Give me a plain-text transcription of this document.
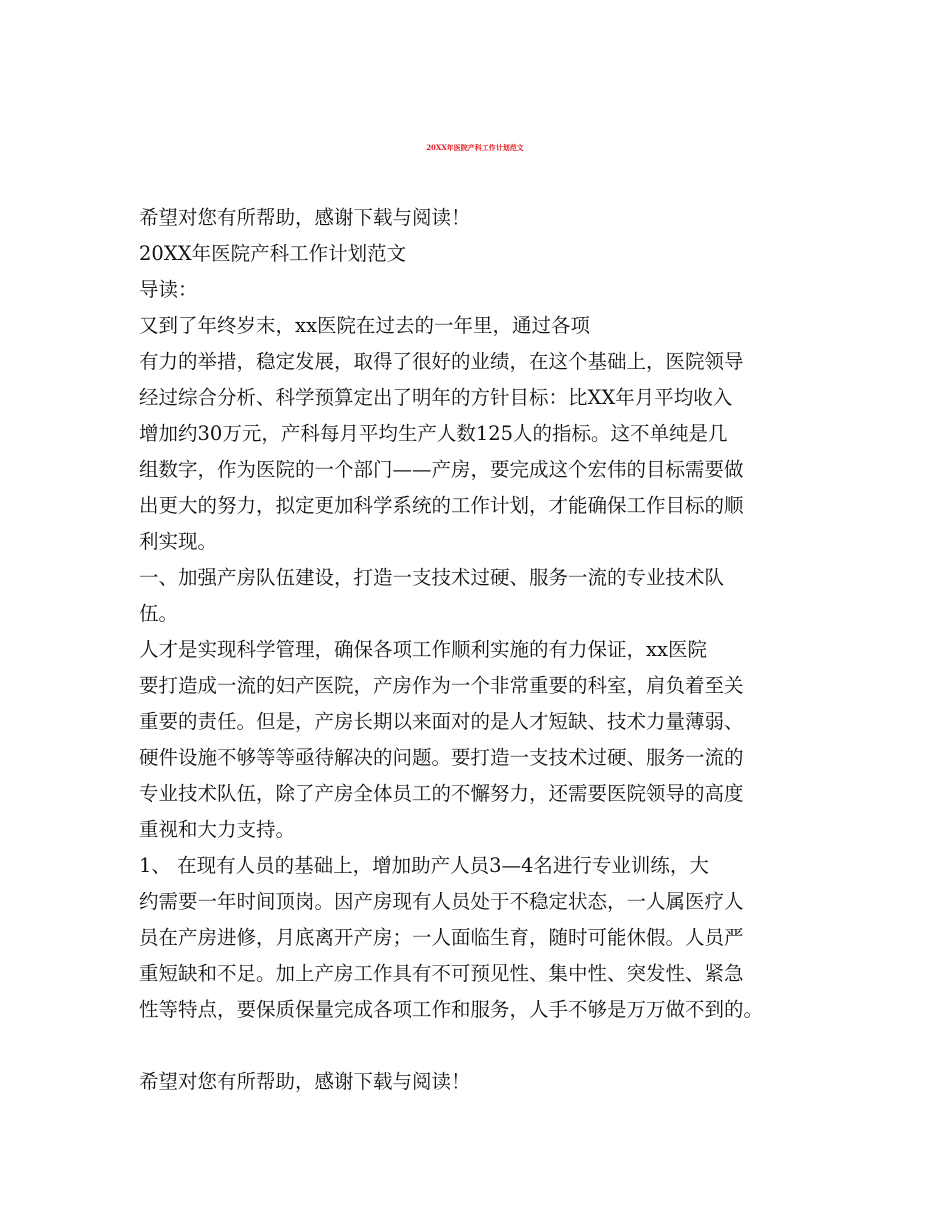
20XX年医院产科工作计划范文
希望对您有所帮助，感谢下载与阅读！
20XX年医院产科工作计划范文
导读：
又到了年终岁末，xx医院在过去的一年里，通过各项
有力的举措，稳定发展，取得了很好的业绩，在这个基础上，医院领导
经过综合分析、科学预算定出了明年的方针目标：比XX年月平均收入
增加约30万元，产科每月平均生产人数125人的指标。这不单纯是几
组数字，作为医院的一个部门——产房，要完成这个宏伟的目标需要做
出更大的努力，拟定更加科学系统的工作计划，才能确保工作目标的顺
利实现。
一、加强产房队伍建设，打造一支技术过硬、服务一流的专业技术队
伍。
人才是实现科学管理，确保各项工作顺利实施的有力保证，xx医院
要打造成一流的妇产医院，产房作为一个非常重要的科室，肩负着至关
重要的责任。但是，产房长期以来面对的是人才短缺、技术力量薄弱、
硬件设施不够等等亟待解决的问题。要打造一支技术过硬、服务一流的
专业技术队伍，除了产房全体员工的不懈努力，还需要医院领导的高度
重视和大力支持。
1、 在现有人员的基础上，增加助产人员3—4名进行专业训练，大
约需要一年时间顶岗。因产房现有人员处于不稳定状态，一人属医疗人
员在产房进修，月底离开产房；一人面临生育，随时可能休假。人员严
重短缺和不足。加上产房工作具有不可预见性、集中性、突发性、紧急
性等特点，要保质保量完成各项工作和服务，人手不够是万万做不到的。
希望对您有所帮助，感谢下载与阅读！
